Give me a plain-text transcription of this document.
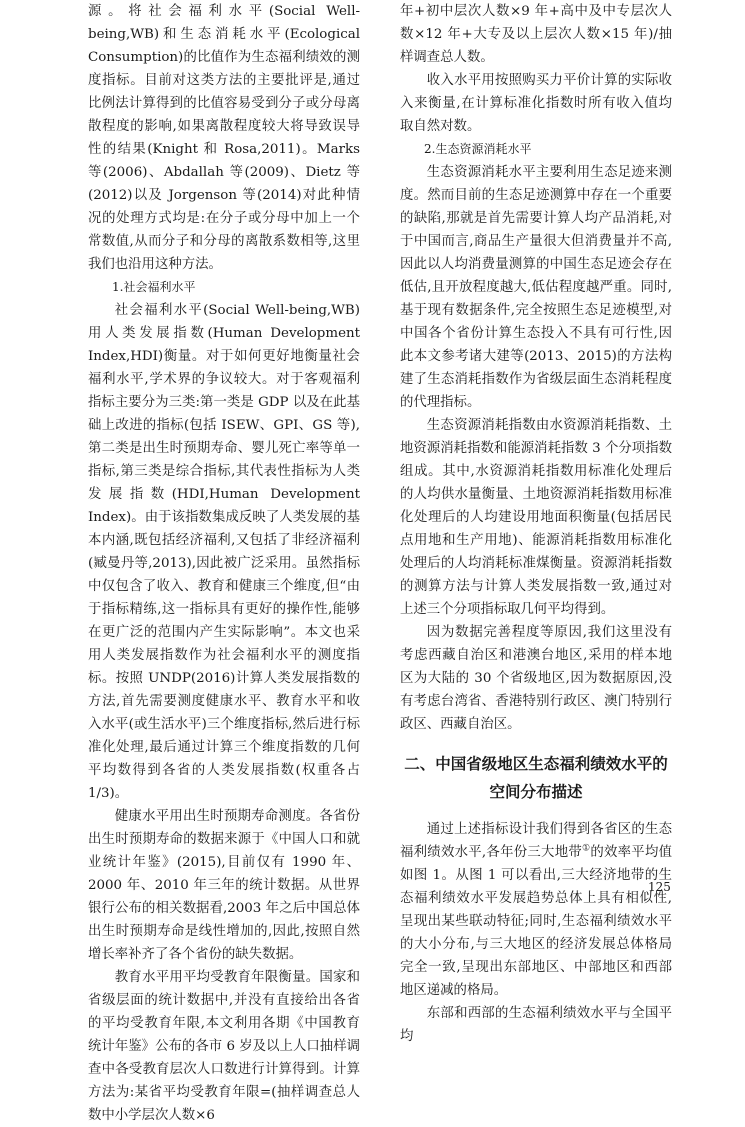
源。将社会福利水平(Social Well-being,WB)和生态消耗水平(Ecological Consumption)的比值作为生态福利绩效的测度指标。目前对这类方法的主要批评是,通过比例法计算得到的比值容易受到分子或分母离散程度的影响,如果离散程度较大将导致误导性的结果(Knight 和 Rosa,2011)。Marks 等(2006)、Abdallah 等(2009)、Dietz 等(2012)以及 Jorgenson 等(2014)对此种情况的处理方式均是:在分子或分母中加上一个常数值,从而分子和分母的离散系数相等,这里我们也沿用这种方法。

1.社会福利水平

社会福利水平(Social Well-being,WB)用人类发展指数(Human Development Index,HDI)衡量。对于如何更好地衡量社会福利水平,学术界的争议较大。对于客观福利指标主要分为三类:第一类是 GDP 以及在此基础上改进的指标(包括 ISEW、GPI、GS 等),第二类是出生时预期寿命、婴儿死亡率等单一指标,第三类是综合指标,其代表性指标为人类发展指数(HDI,Human Development Index)。由于该指数集成反映了人类发展的基本内涵,既包括经济福利,又包括了非经济福利(臧曼丹等,2013),因此被广泛采用。虽然指标中仅包含了收入、教育和健康三个维度,但“由于指标精练,这一指标具有更好的操作性,能够在更广泛的范围内产生实际影响”。本文也采用人类发展指数作为社会福利水平的测度指标。按照 UNDP(2016)计算人类发展指数的方法,首先需要测度健康水平、教育水平和收入水平(或生活水平)三个维度指标,然后进行标准化处理,最后通过计算三个维度指数的几何平均数得到各省的人类发展指数(权重各占 1/3)。

健康水平用出生时预期寿命测度。各省份出生时预期寿命的数据来源于《中国人口和就业统计年鉴》(2015),目前仅有 1990 年、2000 年、2010 年三年的统计数据。从世界银行公布的相关数据看,2003 年之后中国总体出生时预期寿命是线性增加的,因此,按照自然增长率补齐了各个省份的缺失数据。

教育水平用平均受教育年限衡量。国家和省级层面的统计数据中,并没有直接给出各省的平均受教育年限,本文利用各期《中国教育统计年鉴》公布的各市 6 岁及以上人口抽样调查中各受教育层次人口数进行计算得到。计算方法为:某省平均受教育年限=(抽样调查总人数中小学层次人数×6

年+初中层次人数×9 年+高中及中专层次人数×12 年+大专及以上层次人数×15 年)/抽样调查总人数。

收入水平用按照购买力平价计算的实际收入来衡量,在计算标准化指数时所有收入值均取自然对数。

2.生态资源消耗水平

生态资源消耗水平主要利用生态足迹来测度。然而目前的生态足迹测算中存在一个重要的缺陷,那就是首先需要计算人均产品消耗,对于中国而言,商品生产量很大但消费量并不高,因此以人均消费量测算的中国生态足迹会存在低估,且开放程度越大,低估程度越严重。同时,基于现有数据条件,完全按照生态足迹模型,对中国各个省份计算生态投入不具有可行性,因此本文参考诸大建等(2013、2015)的方法构建了生态消耗指数作为省级层面生态消耗程度的代理指标。

生态资源消耗指数由水资源消耗指数、土地资源消耗指数和能源消耗指数 3 个分项指数组成。其中,水资源消耗指数用标准化处理后的人均供水量衡量、土地资源消耗指数用标准化处理后的人均建设用地面积衡量(包括居民点用地和生产用地)、能源消耗指数用标准化处理后的人均消耗标准煤衡量。资源消耗指数的测算方法与计算人类发展指数一致,通过对上述三个分项指标取几何平均得到。

因为数据完善程度等原因,我们这里没有考虑西藏自治区和港澳台地区,采用的样本地区为大陆的 30 个省级地区,因为数据原因,没有考虑台湾省、香港特别行政区、澳门特别行政区、西藏自治区。

二、中国省级地区生态福利绩效水平的
空间分布描述

通过上述指标设计我们得到各省区的生态福利绩效水平,各年份三大地带①的效率平均值如图 1。从图 1 可以看出,三大经济地带的生态福利绩效水平发展趋势总体上具有相似性,呈现出某些联动特征;同时,生态福利绩效水平的大小分布,与三大地区的经济发展总体格局完全一致,呈现出东部地区、中部地区和西部地区递减的格局。

东部和西部的生态福利绩效水平与全国平均

125
